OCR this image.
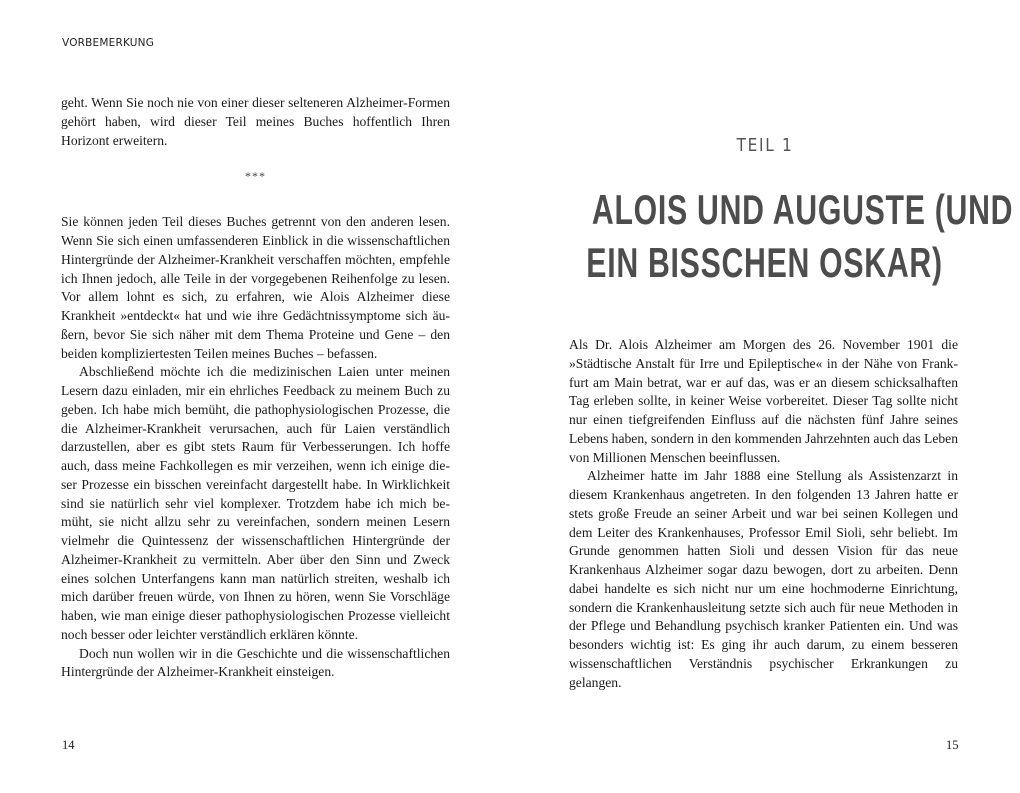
VORBEMERKUNG

geht. Wenn Sie noch nie von einer dieser selteneren Alzheimer-Formen gehört haben, wird dieser Teil meines Buches hoffentlich Ihren Horizont erweitern.

***

Sie können jeden Teil dieses Buches getrennt von den anderen lesen. Wenn Sie sich einen umfassenderen Einblick in die wissenschaftlichen Hintergründe der Alzheimer-Krankheit verschaffen möchten, empfehle ich Ihnen jedoch, alle Teile in der vorgegebenen Reihenfolge zu lesen. Vor allem lohnt es sich, zu erfahren, wie Alois Alzheimer diese Krankheit »entdeckt« hat und wie ihre Gedächtnissymptome sich äußern, bevor Sie sich näher mit dem Thema Proteine und Gene – den beiden kompliziertesten Teilen meines Buches – befassen.

Abschließend möchte ich die medizinischen Laien unter meinen Lesern dazu einladen, mir ein ehrliches Feedback zu meinem Buch zu geben. Ich habe mich bemüht, die pathophysiologischen Prozesse, die die Alzheimer-Krankheit verursachen, auch für Laien verständlich darzustellen, aber es gibt stets Raum für Verbesserungen. Ich hoffe auch, dass meine Fachkollegen es mir verzeihen, wenn ich einige dieser Prozesse ein bisschen vereinfacht dargestellt habe. In Wirklichkeit sind sie natürlich sehr viel komplexer. Trotzdem habe ich mich bemüht, sie nicht allzu sehr zu vereinfachen, sondern meinen Lesern vielmehr die Quintessenz der wissenschaftlichen Hintergründe der Alzheimer-Krankheit zu vermitteln. Aber über den Sinn und Zweck eines solchen Unterfangens kann man natürlich streiten, weshalb ich mich darüber freuen würde, von Ihnen zu hören, wenn Sie Vorschläge haben, wie man einige dieser pathophysiologischen Prozesse vielleicht noch besser oder leichter verständlich erklären könnte.

Doch nun wollen wir in die Geschichte und die wissenschaftlichen Hintergründe der Alzheimer-Krankheit einsteigen.

14
TEIL 1
ALOIS UND AUGUSTE (UND
EIN BISSCHEN OSKAR)

Als Dr. Alois Alzheimer am Morgen des 26. November 1901 die »Städtische Anstalt für Irre und Epileptische« in der Nähe von Frankfurt am Main betrat, war er auf das, was er an diesem schicksalhaften Tag erleben sollte, in keiner Weise vorbereitet. Dieser Tag sollte nicht nur einen tiefgreifenden Einfluss auf die nächsten fünf Jahre seines Lebens haben, sondern in den kommenden Jahrzehnten auch das Leben von Millionen Menschen beeinflussen.

Alzheimer hatte im Jahr 1888 eine Stellung als Assistenzarzt in diesem Krankenhaus angetreten. In den folgenden 13 Jahren hatte er stets große Freude an seiner Arbeit und war bei seinen Kollegen und dem Leiter des Krankenhauses, Professor Emil Sioli, sehr beliebt. Im Grunde genommen hatten Sioli und dessen Vision für das neue Krankenhaus Alzheimer sogar dazu bewogen, dort zu arbeiten. Denn dabei handelte es sich nicht nur um eine hochmoderne Einrichtung, sondern die Krankenhausleitung setzte sich auch für neue Methoden in der Pflege und Behandlung psychisch kranker Patienten ein. Und was besonders wichtig ist: Es ging ihr auch darum, zu einem besseren wissenschaftlichen Verständnis psychischer Erkrankungen zu gelangen.

15
